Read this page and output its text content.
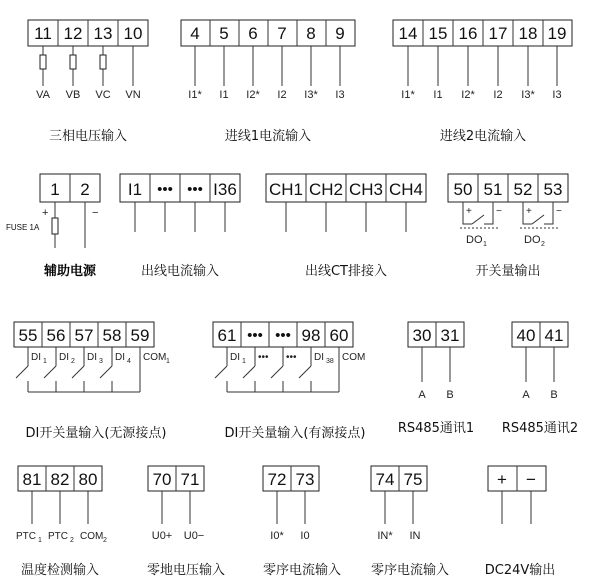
11 12 13 10
VA VB VC VN
三相电压输入
4 5 6 7 8 9
I1* I1 I2* I2 I3* I3
进线1电流输入
14 15 16 17 18 19
I1* I1 I2* I2 I3* I3
进线2电流输入
1 2
+	−
FUSE 1A
辅助电源
I1 ••• ••• I36
出线电流输入
CH1 CH2 CH3 CH4
出线CT排接入
50 51 52 53
+ −
DO 1
+ −
DO 2
开关量输出
55 56 57 58 59
DI 1 DI 2 DI 3 DI 4 COM 1
DI开关量输入(无源接点)
61 ••• ••• 98 60
DI 1 ••• ••• DI 38 COM
DI开关量输入(有源接点)
30 31
A B
RS485通讯1
40 41
A B
RS485通讯2
81 82 80
PTC 1 PTC 2 COM 2
温度检测输入
70 71
U0+ U0−
零地电压输入
72 73
I0* I0
零序电流输入
74 75
IN* IN
零序电流输入
+ −
DC24V输出
